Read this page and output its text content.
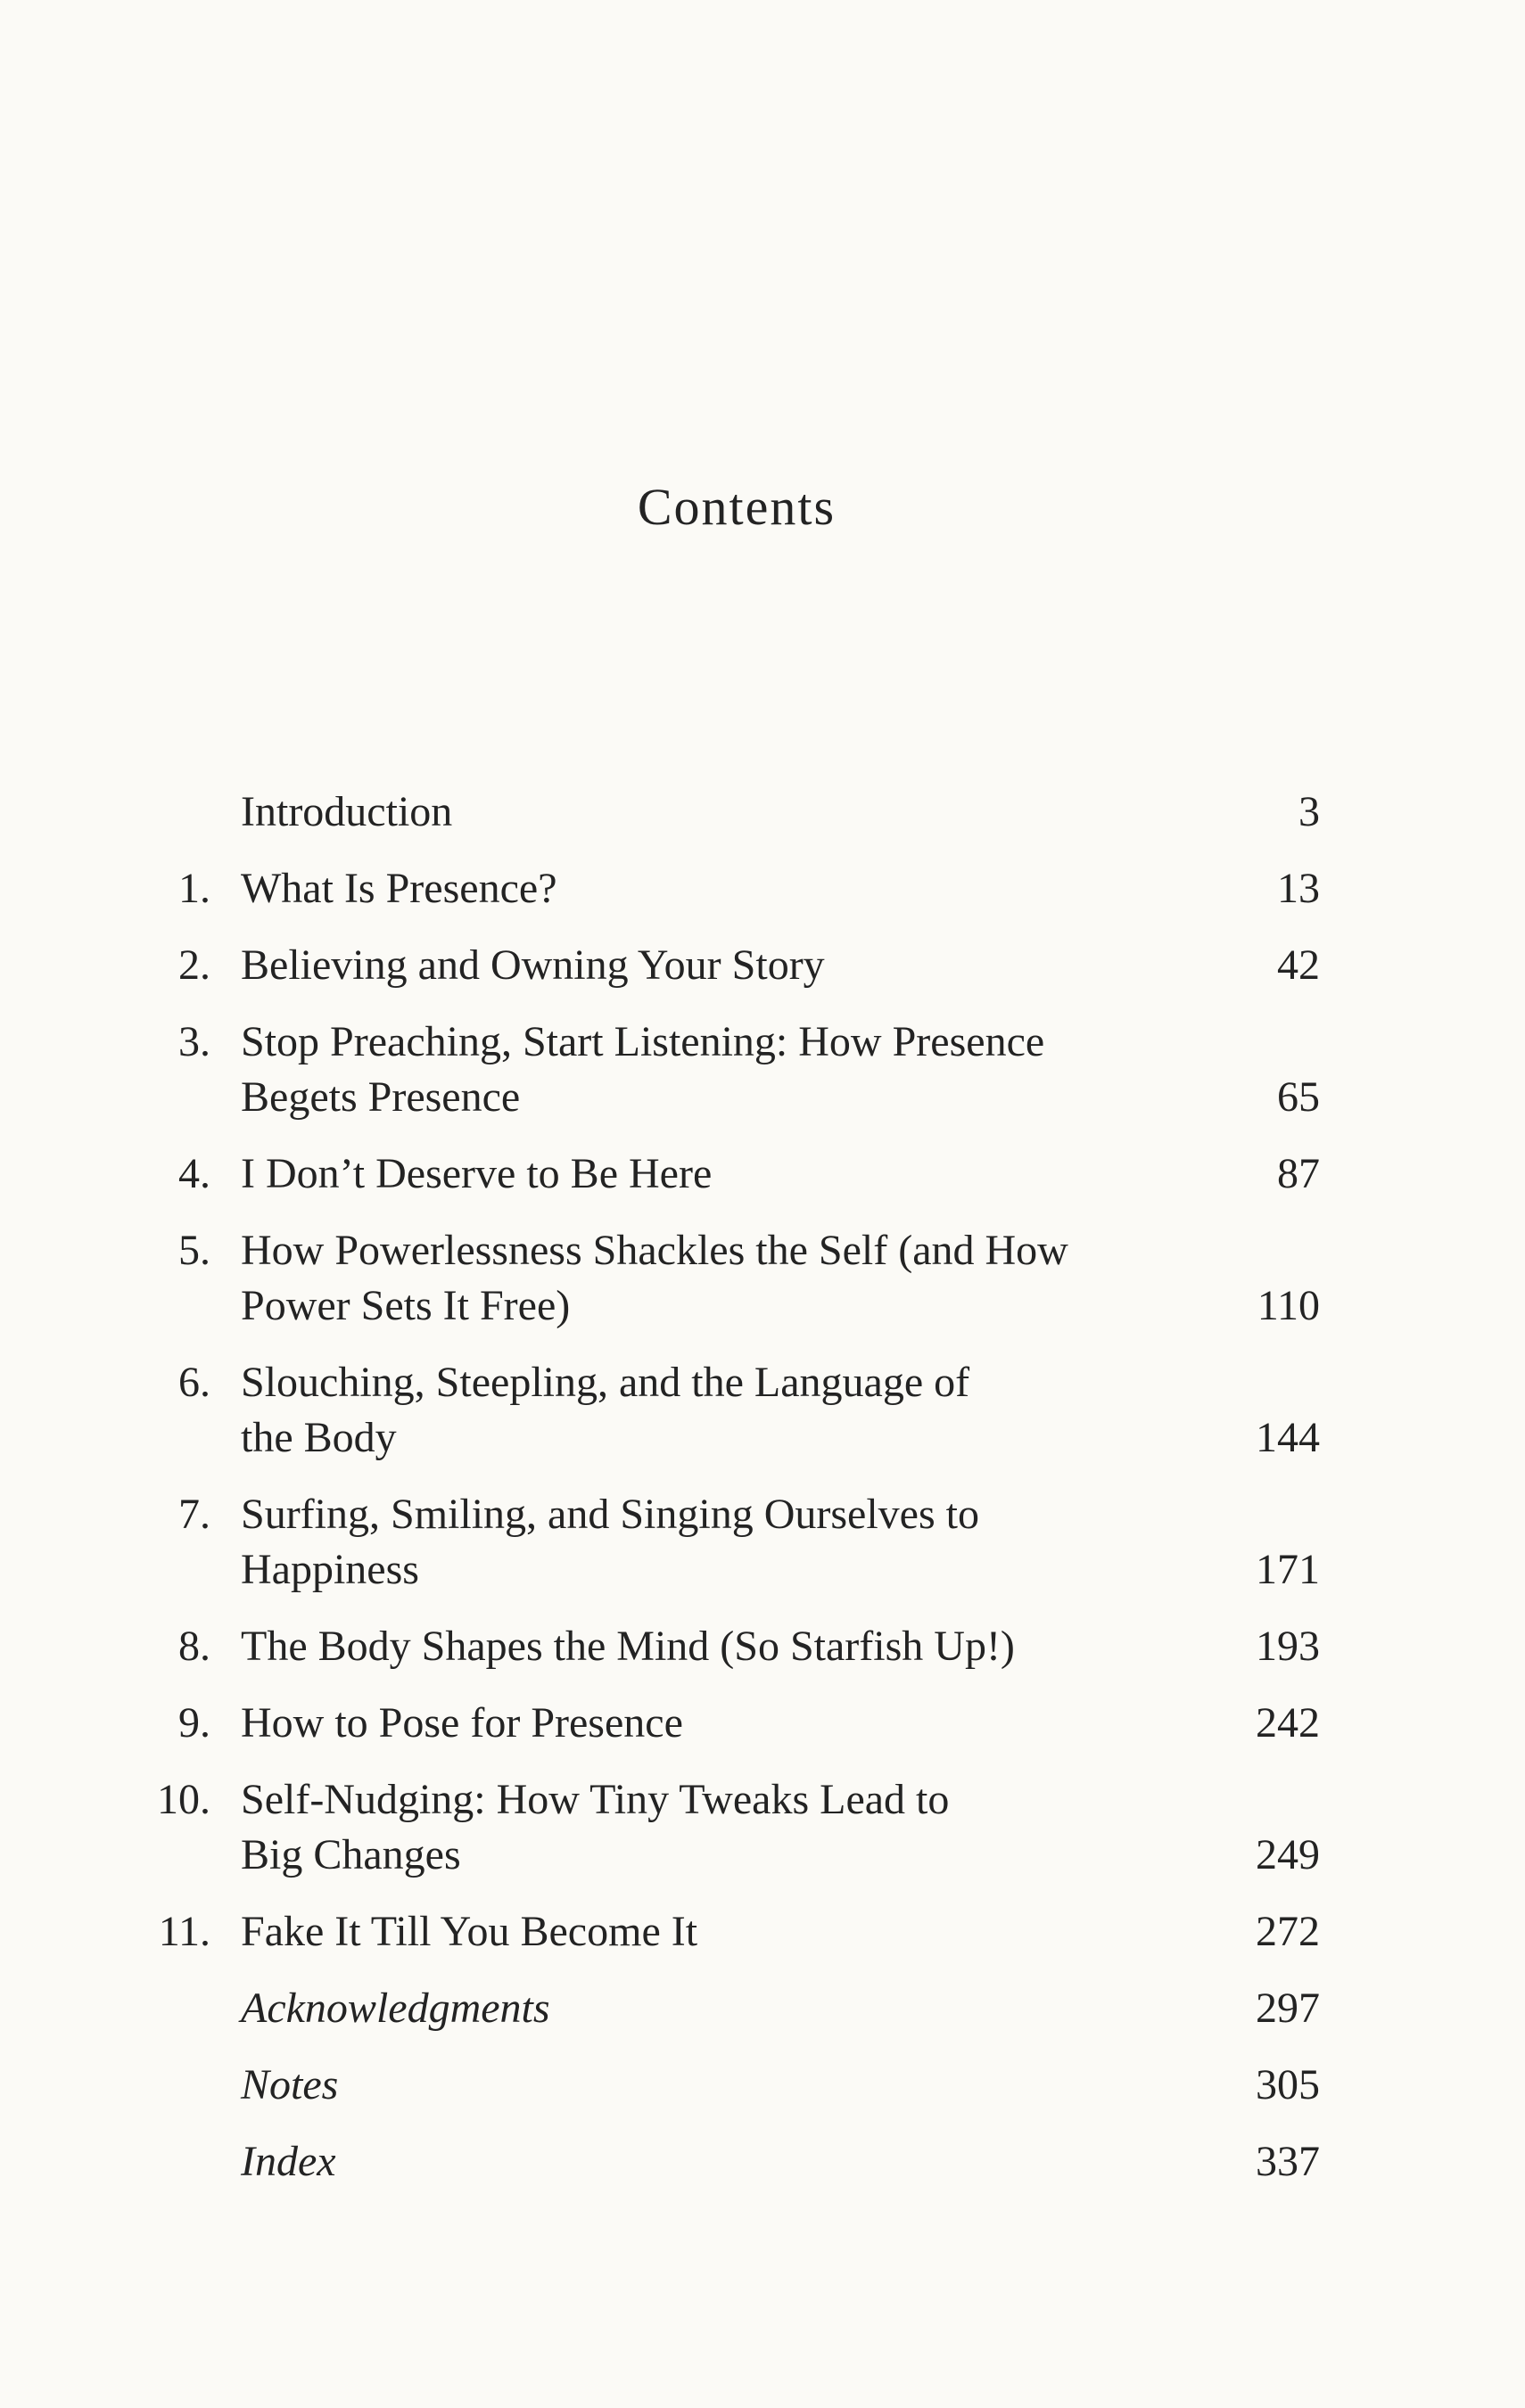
Contents
Introduction	3
1. What Is Presence?	13
2. Believing and Owning Your Story	42
3. Stop Preaching, Start Listening: How Presence
Begets Presence	65
4. I Don’t Deserve to Be Here	87
5. How Powerlessness Shackles the Self (and How
Power Sets It Free)	110
6. Slouching, Steepling, and the Language of
the Body	144
7. Surfing, Smiling, and Singing Ourselves to
Happiness	171
8. The Body Shapes the Mind (So Starfish Up!)	193
9. How to Pose for Presence	242
10. Self-Nudging: How Tiny Tweaks Lead to
Big Changes	249
11. Fake It Till You Become It	272
Acknowledgments	297
Notes	305
Index	337
